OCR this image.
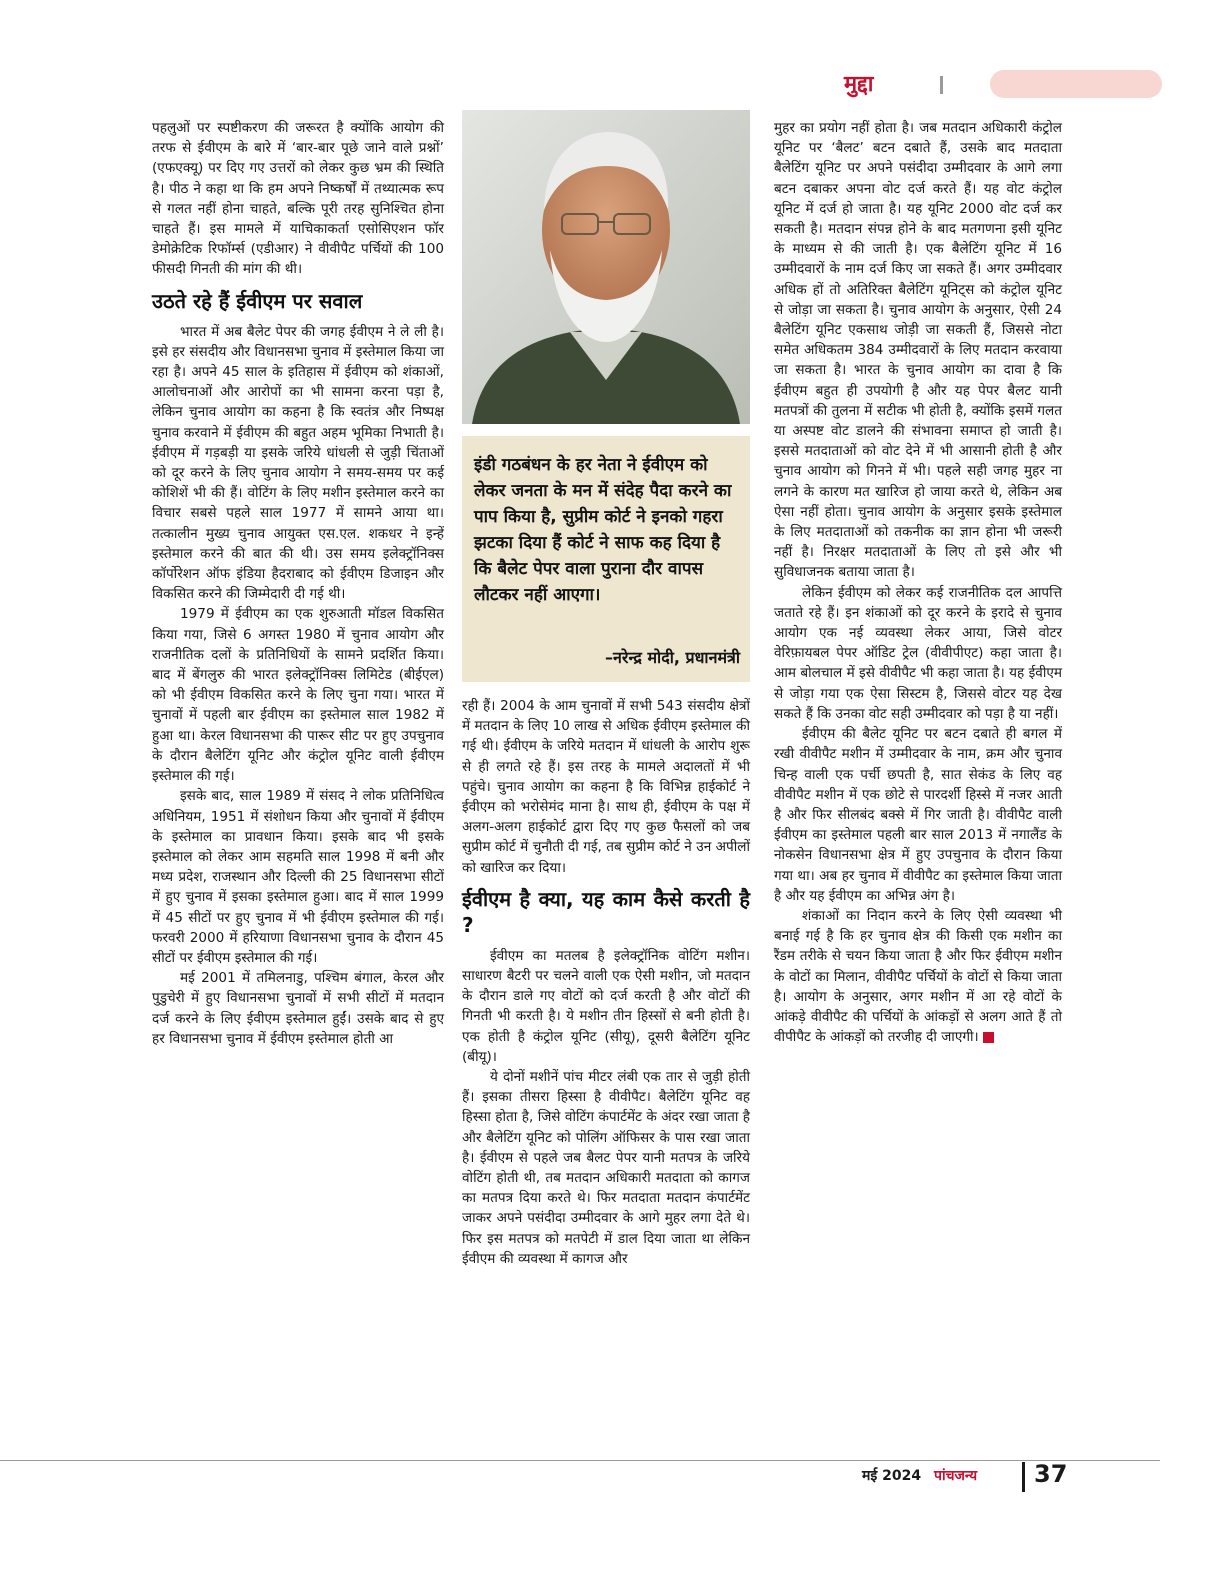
मुद्दा

पहलुओं पर स्पष्टीकरण की जरूरत है क्योंकि आयोग की तरफ से ईवीएम के बारे में ‘बार-बार पूछे जाने वाले प्रश्नों’ (एफएक्यू) पर दिए गए उत्तरों को लेकर कुछ भ्रम की स्थिति है। पीठ ने कहा था कि हम अपने निष्कर्षों में तथ्यात्मक रूप से गलत नहीं होना चाहते, बल्कि पूरी तरह सुनिश्चित होना चाहते हैं। इस मामले में याचिकाकर्ता एसोसिएशन फॉर डेमोक्रेटिक रिफॉर्म्स (एडीआर) ने वीवीपैट पर्चियों की 100 फीसदी गिनती की मांग की थी।

उठते रहे हैं ईवीएम पर सवाल

भारत में अब बैलेट पेपर की जगह ईवीएम ने ले ली है। इसे हर संसदीय और विधानसभा चुनाव में इस्तेमाल किया जा रहा है। अपने 45 साल के इतिहास में ईवीएम को शंकाओं, आलोचनाओं और आरोपों का भी सामना करना पड़ा है, लेकिन चुनाव आयोग का कहना है कि स्वतंत्र और निष्पक्ष चुनाव करवाने में ईवीएम की बहुत अहम भूमिका निभाती है। ईवीएम में गड़बड़ी या इसके जरिये धांधली से जुड़ी चिंताओं को दूर करने के लिए चुनाव आयोग ने समय-समय पर कई कोशिशें भी की हैं। वोटिंग के लिए मशीन इस्तेमाल करने का विचार सबसे पहले साल 1977 में सामने आया था। तत्कालीन मुख्य चुनाव आयुक्त एस.एल. शकधर ने इन्हें इस्तेमाल करने की बात की थी। उस समय इलेक्ट्रॉनिक्स कॉर्पोरेशन ऑफ इंडिया हैदराबाद को ईवीएम डिजाइन और विकसित करने की जिम्मेदारी दी गई थी।

1979 में ईवीएम का एक शुरुआती मॉडल विकसित किया गया, जिसे 6 अगस्त 1980 में चुनाव आयोग और राजनीतिक दलों के प्रतिनिधियों के सामने प्रदर्शित किया। बाद में बेंगलुरु की भारत इलेक्ट्रॉनिक्स लिमिटेड (बीईएल) को भी ईवीएम विकसित करने के लिए चुना गया। भारत में चुनावों में पहली बार ईवीएम का इस्तेमाल साल 1982 में हुआ था। केरल विधानसभा की पारूर सीट पर हुए उपचुनाव के दौरान बैलेटिंग यूनिट और कंट्रोल यूनिट वाली ईवीएम इस्तेमाल की गई।

इसके बाद, साल 1989 में संसद ने लोक प्रतिनिधित्व अधिनियम, 1951 में संशोधन किया और चुनावों में ईवीएम के इस्तेमाल का प्रावधान किया। इसके बाद भी इसके इस्तेमाल को लेकर आम सहमति साल 1998 में बनी और मध्य प्रदेश, राजस्थान और दिल्ली की 25 विधानसभा सीटों में हुए चुनाव में इसका इस्तेमाल हुआ। बाद में साल 1999 में 45 सीटों पर हुए चुनाव में भी ईवीएम इस्तेमाल की गई। फरवरी 2000 में हरियाणा विधानसभा चुनाव के दौरान 45 सीटों पर ईवीएम इस्तेमाल की गई।

मई 2001 में तमिलनाडु, पश्चिम बंगाल, केरल और पुडुचेरी में हुए विधानसभा चुनावों में सभी सीटों में मतदान दर्ज करने के लिए ईवीएम इस्तेमाल हुईं। उसके बाद से हुए हर विधानसभा चुनाव में ईवीएम इस्तेमाल होती आ

इंडी गठबंधन के हर नेता ने ईवीएम को लेकर जनता के मन में संदेह पैदा करने का पाप किया है, सुप्रीम कोर्ट ने इनको गहरा झटका दिया हैं कोर्ट ने साफ कह दिया है कि बैलेट पेपर वाला पुराना दौर वापस लौटकर नहीं आएगा।
–नरेन्द्र मोदी, प्रधानमंत्री

रही हैं। 2004 के आम चुनावों में सभी 543 संसदीय क्षेत्रों में मतदान के लिए 10 लाख से अधिक ईवीएम इस्तेमाल की गई थी। ईवीएम के जरिये मतदान में धांधली के आरोप शुरू से ही लगते रहे हैं। इस तरह के मामले अदालतों में भी पहुंचे। चुनाव आयोग का कहना है कि विभिन्न हाईकोर्ट ने ईवीएम को भरोसेमंद माना है। साथ ही, ईवीएम के पक्ष में अलग-अलग हाईकोर्ट द्वारा दिए गए कुछ फैसलों को जब सुप्रीम कोर्ट में चुनौती दी गई, तब सुप्रीम कोर्ट ने उन अपीलों को खारिज कर दिया।

ईवीएम है क्या, यह काम कैसे करती है ?

ईवीएम का मतलब है इलेक्ट्रॉनिक वोटिंग मशीन। साधारण बैटरी पर चलने वाली एक ऐसी मशीन, जो मतदान के दौरान डाले गए वोटों को दर्ज करती है और वोटों की गिनती भी करती है। ये मशीन तीन हिस्सों से बनी होती है। एक होती है कंट्रोल यूनिट (सीयू), दूसरी बैलेटिंग यूनिट (बीयू)।

ये दोनों मशीनें पांच मीटर लंबी एक तार से जुड़ी होती हैं। इसका तीसरा हिस्सा है वीवीपैट। बैलेटिंग यूनिट वह हिस्सा होता है, जिसे वोटिंग कंपार्टमेंट के अंदर रखा जाता है और बैलेटिंग यूनिट को पोलिंग ऑफिसर के पास रखा जाता है। ईवीएम से पहले जब बैलट पेपर यानी मतपत्र के जरिये वोटिंग होती थी, तब मतदान अधिकारी मतदाता को कागज का मतपत्र दिया करते थे। फिर मतदाता मतदान कंपार्टमेंट जाकर अपने पसंदीदा उम्मीदवार के आगे मुहर लगा देते थे। फिर इस मतपत्र को मतपेटी में डाल दिया जाता था लेकिन ईवीएम की व्यवस्था में कागज और

मुहर का प्रयोग नहीं होता है। जब मतदान अधिकारी कंट्रोल यूनिट पर ‘बैलट’ बटन दबाते हैं, उसके बाद मतदाता बैलेटिंग यूनिट पर अपने पसंदीदा उम्मीदवार के आगे लगा बटन दबाकर अपना वोट दर्ज करते हैं। यह वोट कंट्रोल यूनिट में दर्ज हो जाता है। यह यूनिट 2000 वोट दर्ज कर सकती है। मतदान संपन्न होने के बाद मतगणना इसी यूनिट के माध्यम से की जाती है। एक बैलेटिंग यूनिट में 16 उम्मीदवारों के नाम दर्ज किए जा सकते हैं। अगर उम्मीदवार अधिक हों तो अतिरिक्त बैलेटिंग यूनिट्स को कंट्रोल यूनिट से जोड़ा जा सकता है। चुनाव आयोग के अनुसार, ऐसी 24 बैलेटिंग यूनिट एकसाथ जोड़ी जा सकती हैं, जिससे नोटा समेत अधिकतम 384 उम्मीदवारों के लिए मतदान करवाया जा सकता है। भारत के चुनाव आयोग का दावा है कि ईवीएम बहुत ही उपयोगी है और यह पेपर बैलट यानी मतपत्रों की तुलना में सटीक भी होती है, क्योंकि इसमें गलत या अस्पष्ट वोट डालने की संभावना समाप्त हो जाती है। इससे मतदाताओं को वोट देने में भी आसानी होती है और चुनाव आयोग को गिनने में भी। पहले सही जगह मुहर ना लगने के कारण मत खारिज हो जाया करते थे, लेकिन अब ऐसा नहीं होता। चुनाव आयोग के अनुसार इसके इस्तेमाल के लिए मतदाताओं को तकनीक का ज्ञान होना भी जरूरी नहीं है। निरक्षर मतदाताओं के लिए तो इसे और भी सुविधाजनक बताया जाता है।

लेकिन ईवीएम को लेकर कई राजनीतिक दल आपत्ति जताते रहे हैं। इन शंकाओं को दूर करने के इरादे से चुनाव आयोग एक नई व्यवस्था लेकर आया, जिसे वोटर वेरिफ़ायबल पेपर ऑडिट ट्रेल (वीवीपीएट) कहा जाता है। आम बोलचाल में इसे वीवीपैट भी कहा जाता है। यह ईवीएम से जोड़ा गया एक ऐसा सिस्टम है, जिससे वोटर यह देख सकते हैं कि उनका वोट सही उम्मीदवार को पड़ा है या नहीं।

ईवीएम की बैलेट यूनिट पर बटन दबाते ही बगल में रखी वीवीपैट मशीन में उम्मीदवार के नाम, क्रम और चुनाव चिन्ह वाली एक पर्ची छपती है, सात सेकंड के लिए वह वीवीपैट मशीन में एक छोटे से पारदर्शी हिस्से में नजर आती है और फिर सीलबंद बक्से में गिर जाती है। वीवीपैट वाली ईवीएम का इस्तेमाल पहली बार साल 2013 में नगालैंड के नोकसेन विधानसभा क्षेत्र में हुए उपचुनाव के दौरान किया गया था। अब हर चुनाव में वीवीपैट का इस्तेमाल किया जाता है और यह ईवीएम का अभिन्न अंग है।

शंकाओं का निदान करने के लिए ऐसी व्यवस्था भी बनाई गई है कि हर चुनाव क्षेत्र की किसी एक मशीन का रैंडम तरीके से चयन किया जाता है और फिर ईवीएम मशीन के वोटों का मिलान, वीवीपैट पर्चियों के वोटों से किया जाता है। आयोग के अनुसार, अगर मशीन में आ रहे वोटों के आंकड़े वीवीपैट की पर्चियों के आंकड़ों से अलग आते हैं तो वीपीपैट के आंकड़ों को तरजीह दी जाएगी।

मई 2024 पांचजन्य 37
